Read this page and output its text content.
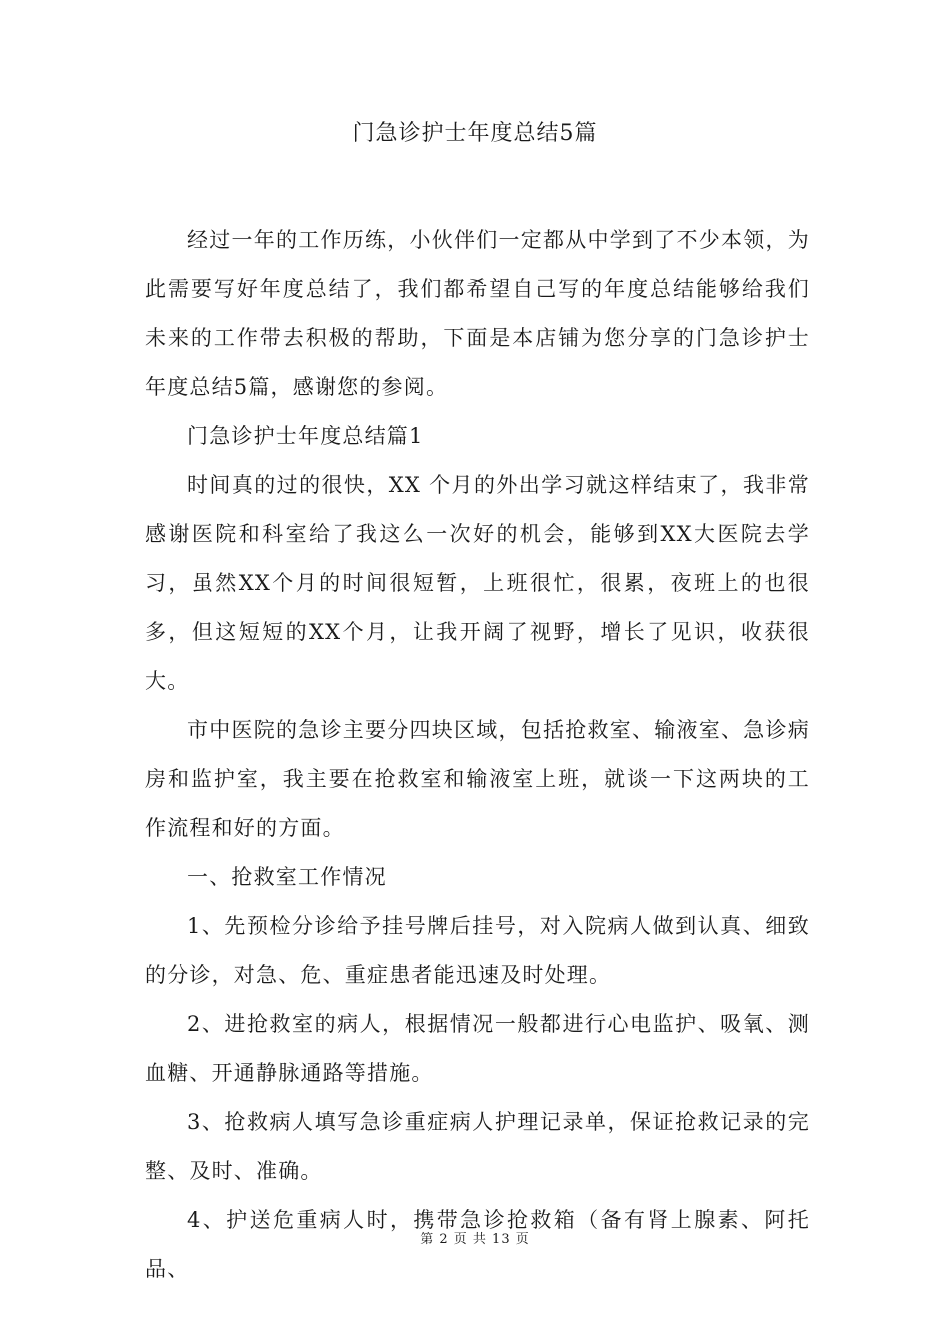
门急诊护士年度总结5篇

经过一年的工作历练，小伙伴们一定都从中学到了不少本领，为此需要写好年度总结了，我们都希望自己写的年度总结能够给我们未来的工作带去积极的帮助，下面是本店铺为您分享的门急诊护士年度总结5篇，感谢您的参阅。

门急诊护士年度总结篇1

时间真的过的很快，XX 个月的外出学习就这样结束了，我非常感谢医院和科室给了我这么一次好的机会，能够到XX大医院去学习，虽然XX个月的时间很短暂，上班很忙，很累，夜班上的也很多，但这短短的XX个月，让我开阔了视野，增长了见识，收获很大。

市中医院的急诊主要分四块区域，包括抢救室、输液室、急诊病房和监护室，我主要在抢救室和输液室上班，就谈一下这两块的工作流程和好的方面。

一、抢救室工作情况

1、先预检分诊给予挂号牌后挂号，对入院病人做到认真、细致的分诊，对急、危、重症患者能迅速及时处理。

2、进抢救室的病人，根据情况一般都进行心电监护、吸氧、测血糖、开通静脉通路等措施。

3、抢救病人填写急诊重症病人护理记录单，保证抢救记录的完整、及时、准确。

4、护送危重病人时，携带急诊抢救箱（备有肾上腺素、阿托品、

第 2 页 共 13 页
